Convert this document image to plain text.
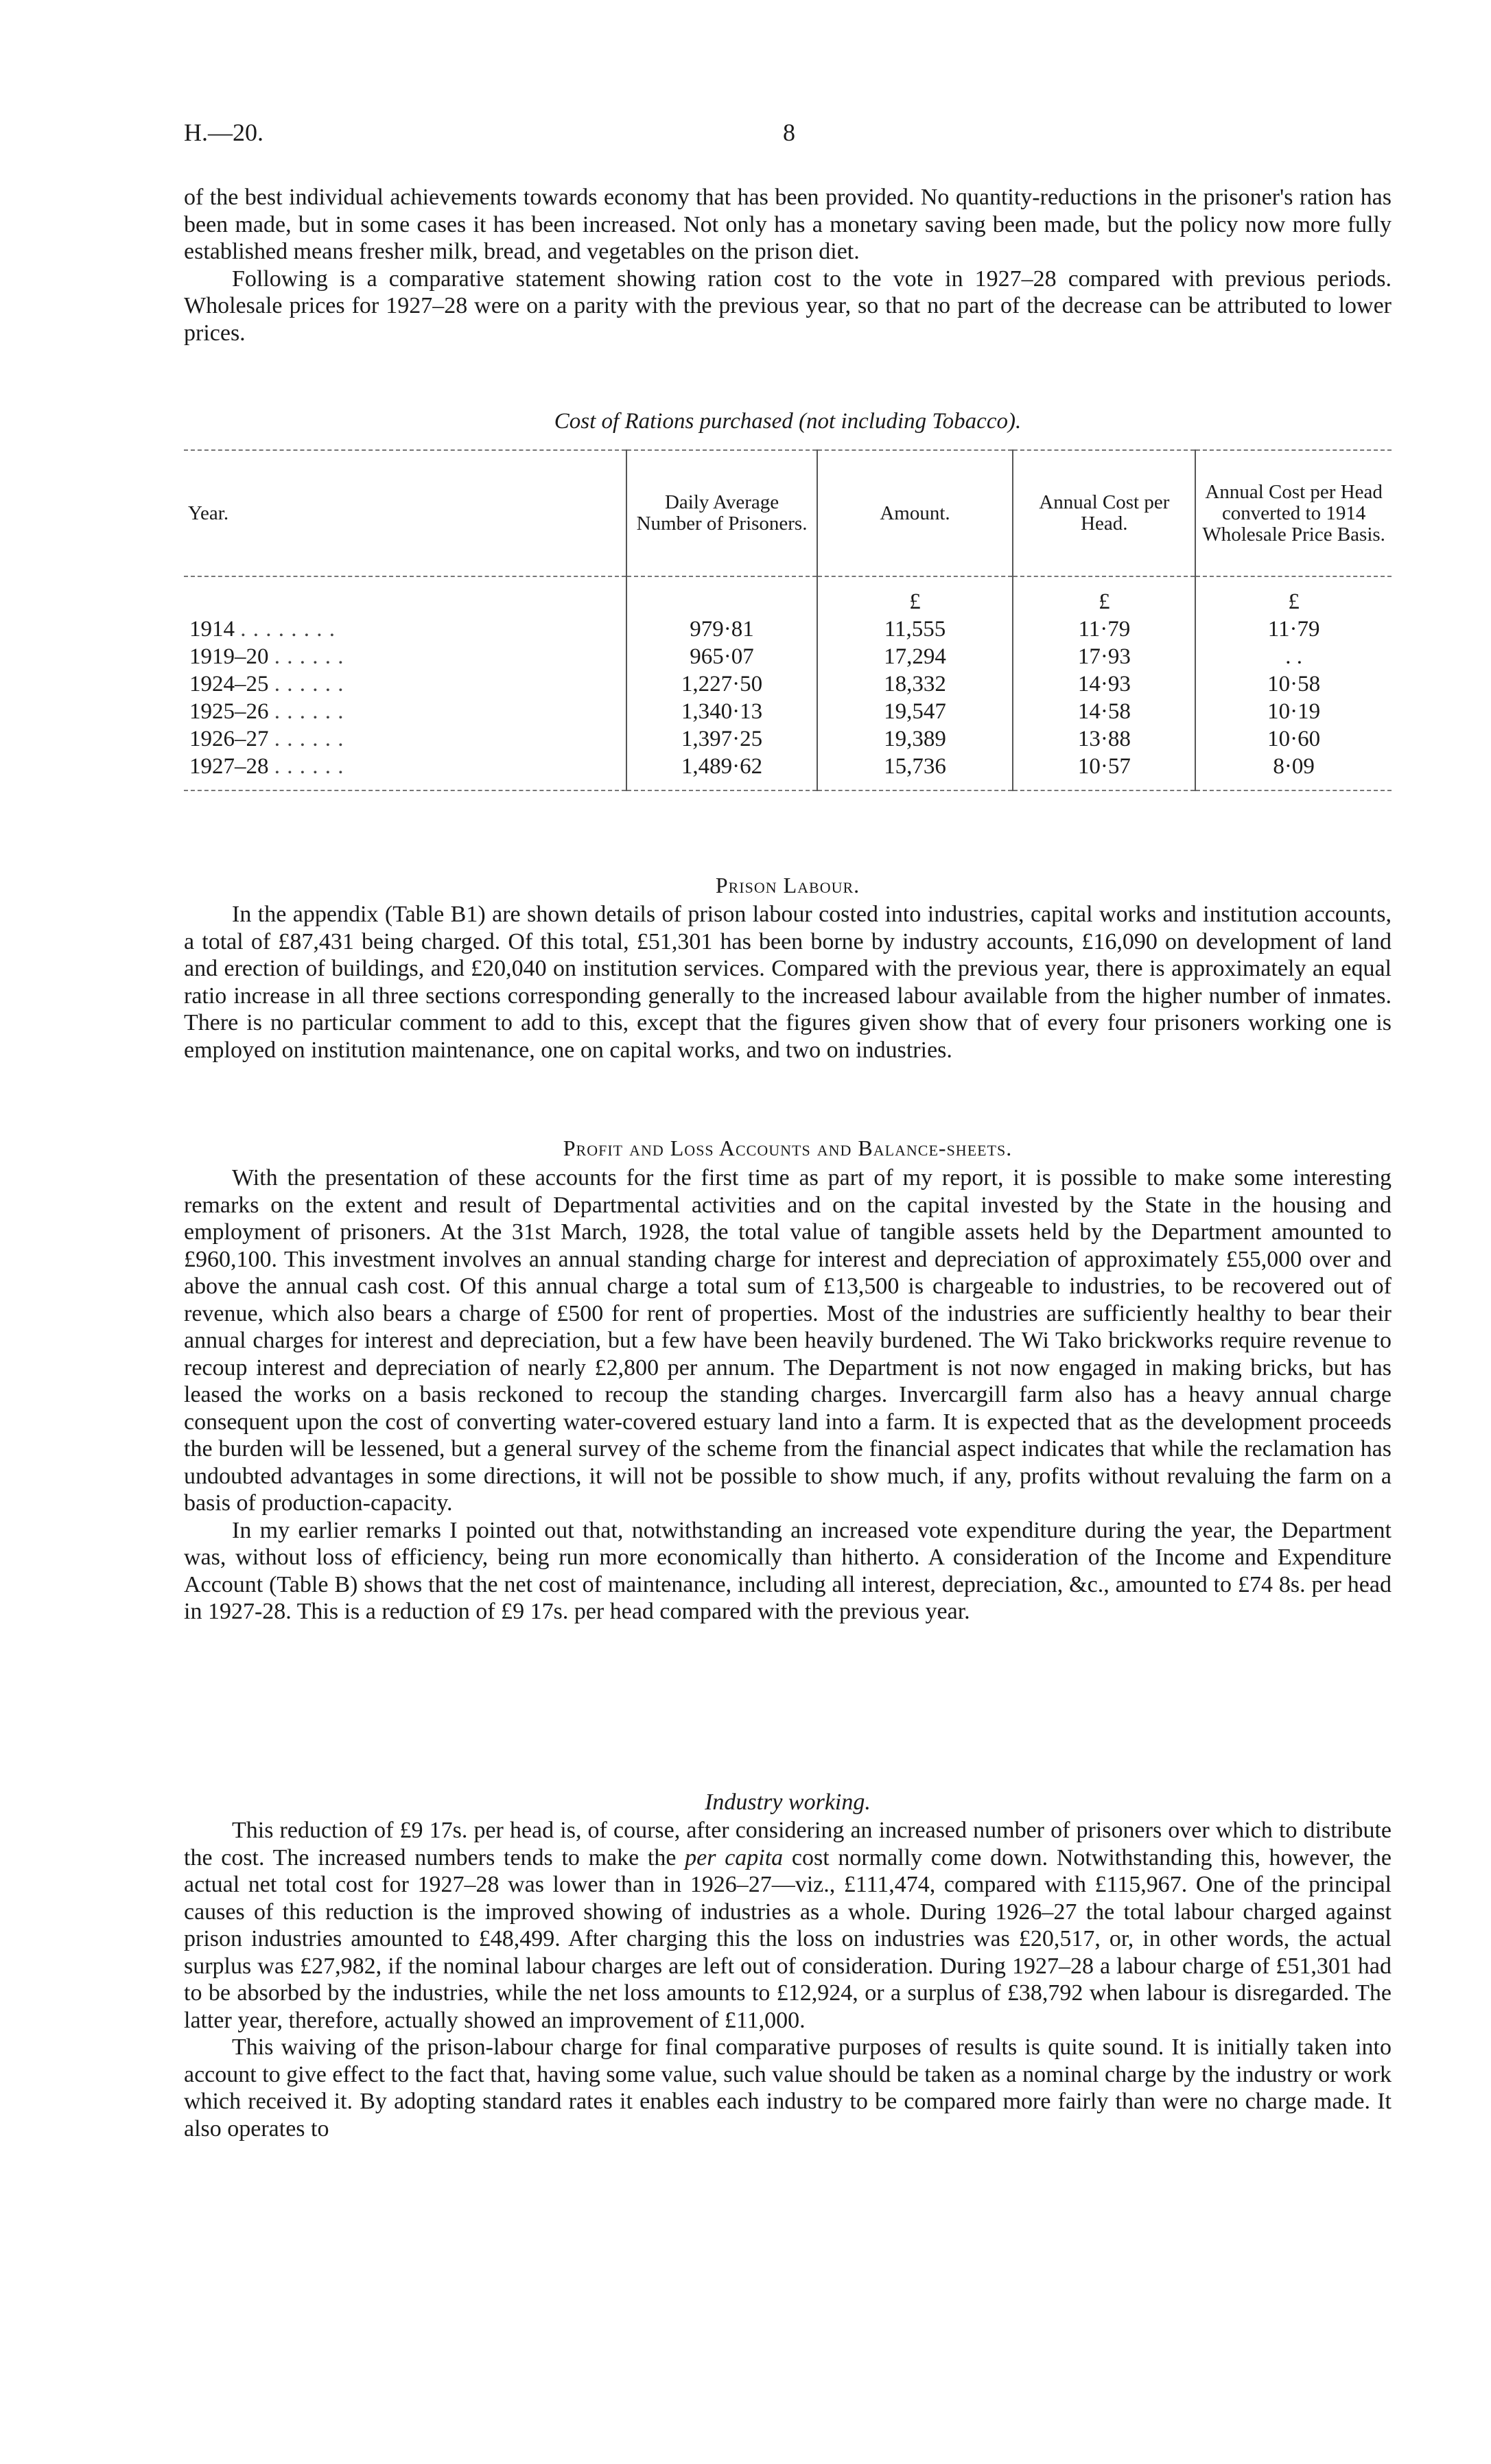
H.—20.	8

of the best individual achievements towards economy that has been provided. No quantity-reductions in the prisoner's ration has been made, but in some cases it has been increased. Not only has a monetary saving been made, but the policy now more fully established means fresher milk, bread, and vegetables on the prison diet.

Following is a comparative statement showing ration cost to the vote in 1927–28 compared with previous periods. Wholesale prices for 1927–28 were on a parity with the previous year, so that no part of the decrease can be attributed to lower prices.

Cost of Rations purchased (not including Tobacco).
Year.	Daily Average Number of Prisoners.	Amount.	Annual Cost per Head.	Annual Cost per Head converted to 1914 Wholesale Price Basis.
		£	£	£
1914 . . . . . . . .	979·81	11,555	11·79	11·79
1919–20 . . . . . .	965·07	17,294	17·93	. .
1924–25 . . . . . .	1,227·50	18,332	14·93	10·58
1925–26 . . . . . .	1,340·13	19,547	14·58	10·19
1926–27 . . . . . .	1,397·25	19,389	13·88	10·60
1927–28 . . . . . .	1,489·62	15,736	10·57	8·09
Prison Labour.

In the appendix (Table B1) are shown details of prison labour costed into industries, capital works and institution accounts, a total of £87,431 being charged. Of this total, £51,301 has been borne by industry accounts, £16,090 on development of land and erection of buildings, and £20,040 on institution services. Compared with the previous year, there is approximately an equal ratio increase in all three sections corresponding generally to the increased labour available from the higher number of inmates. There is no particular comment to add to this, except that the figures given show that of every four prisoners working one is employed on institution maintenance, one on capital works, and two on industries.

Profit and Loss Accounts and Balance-sheets.

With the presentation of these accounts for the first time as part of my report, it is possible to make some interesting remarks on the extent and result of Departmental activities and on the capital invested by the State in the housing and employment of prisoners. At the 31st March, 1928, the total value of tangible assets held by the Department amounted to £960,100. This investment involves an annual standing charge for interest and depreciation of approximately £55,000 over and above the annual cash cost. Of this annual charge a total sum of £13,500 is chargeable to industries, to be recovered out of revenue, which also bears a charge of £500 for rent of properties. Most of the industries are sufficiently healthy to bear their annual charges for interest and depreciation, but a few have been heavily burdened. The Wi Tako brickworks require revenue to recoup interest and depreciation of nearly £2,800 per annum. The Department is not now engaged in making bricks, but has leased the works on a basis reckoned to recoup the standing charges. Invercargill farm also has a heavy annual charge consequent upon the cost of converting water-covered estuary land into a farm. It is expected that as the development proceeds the burden will be lessened, but a general survey of the scheme from the financial aspect indicates that while the reclamation has undoubted advantages in some directions, it will not be possible to show much, if any, profits without revaluing the farm on a basis of production-capacity.

In my earlier remarks I pointed out that, notwithstanding an increased vote expenditure during the year, the Department was, without loss of efficiency, being run more economically than hitherto. A consideration of the Income and Expenditure Account (Table B) shows that the net cost of maintenance, including all interest, depreciation, &c., amounted to £74 8s. per head in 1927-28. This is a reduction of £9 17s. per head compared with the previous year.

Industry working.

This reduction of £9 17s. per head is, of course, after considering an increased number of prisoners over which to distribute the cost. The increased numbers tends to make the per capita cost normally come down. Notwithstanding this, however, the actual net total cost for 1927–28 was lower than in 1926–27—viz., £111,474, compared with £115,967. One of the principal causes of this reduction is the improved showing of industries as a whole. During 1926–27 the total labour charged against prison industries amounted to £48,499. After charging this the loss on industries was £20,517, or, in other words, the actual surplus was £27,982, if the nominal labour charges are left out of consideration. During 1927–28 a labour charge of £51,301 had to be absorbed by the industries, while the net loss amounts to £12,924, or a surplus of £38,792 when labour is disregarded. The latter year, therefore, actually showed an improvement of £11,000.

This waiving of the prison-labour charge for final comparative purposes of results is quite sound. It is initially taken into account to give effect to the fact that, having some value, such value should be taken as a nominal charge by the industry or work which received it. By adopting standard rates it enables each industry to be compared more fairly than were no charge made. It also operates to
